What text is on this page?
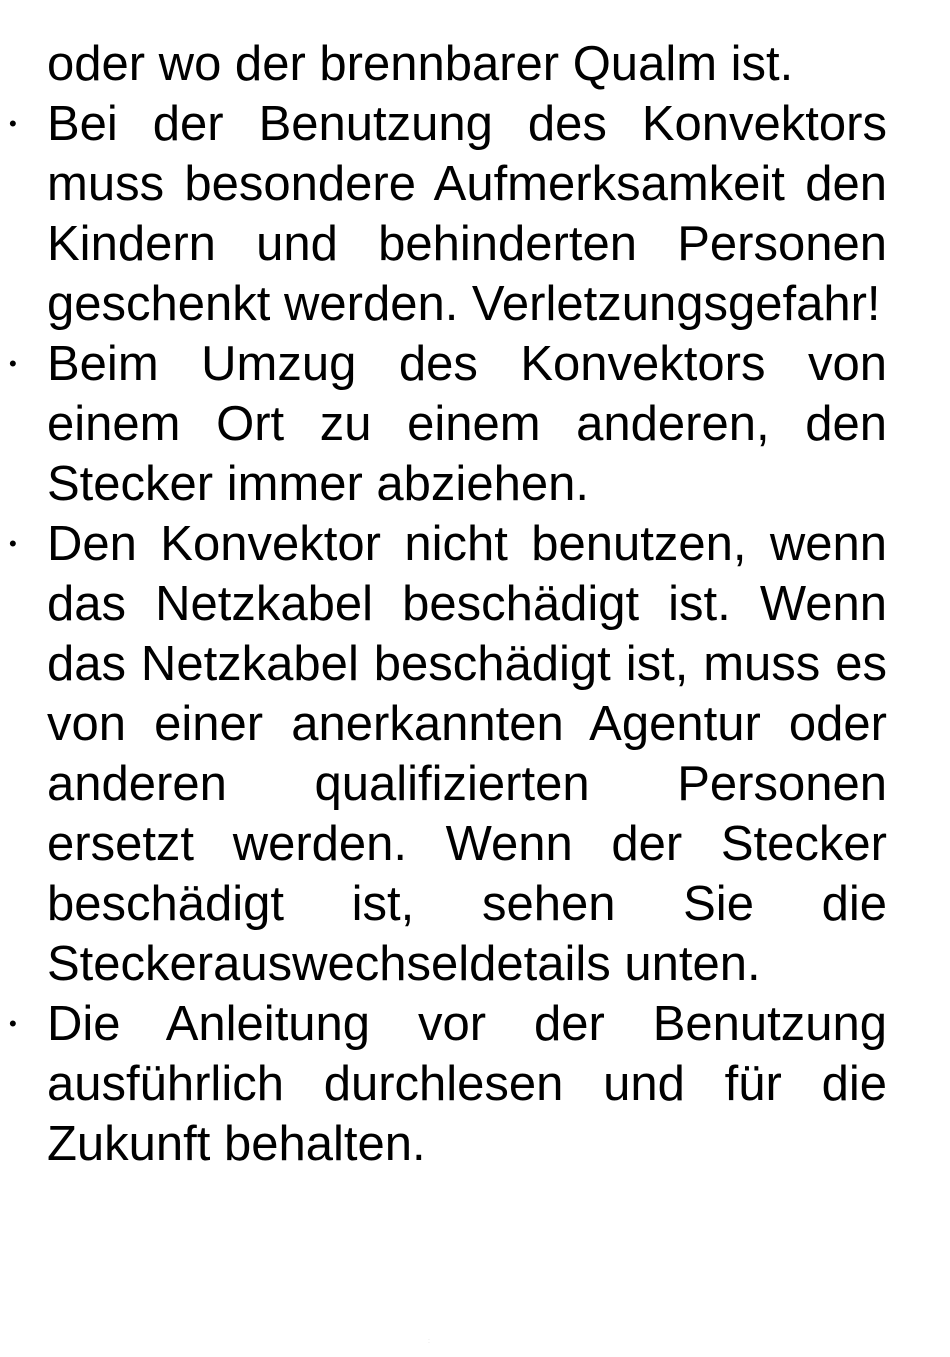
oder wo der brennbarer Qualm ist.

• Bei der Benutzung des Konvektors muss besondere Aufmerksamkeit den Kindern und behinderten Personen geschenkt werden. Verletzungsgefahr!

• Beim Umzug des Konvektors von einem Ort zu einem anderen, den Stecker immer abziehen.

• Den Konvektor nicht benutzen, wenn das Netzkabel beschädigt ist. Wenn das Netzkabel beschädigt ist, muss es von einer anerkannten Agentur oder anderen qualifizierten Personen ersetzt werden. Wenn der Stecker beschädigt ist, sehen Sie die Steckerauswechseldetails unten.

• Die Anleitung vor der Benutzung ausführlich durchlesen und für die Zukunft behalten.

:
